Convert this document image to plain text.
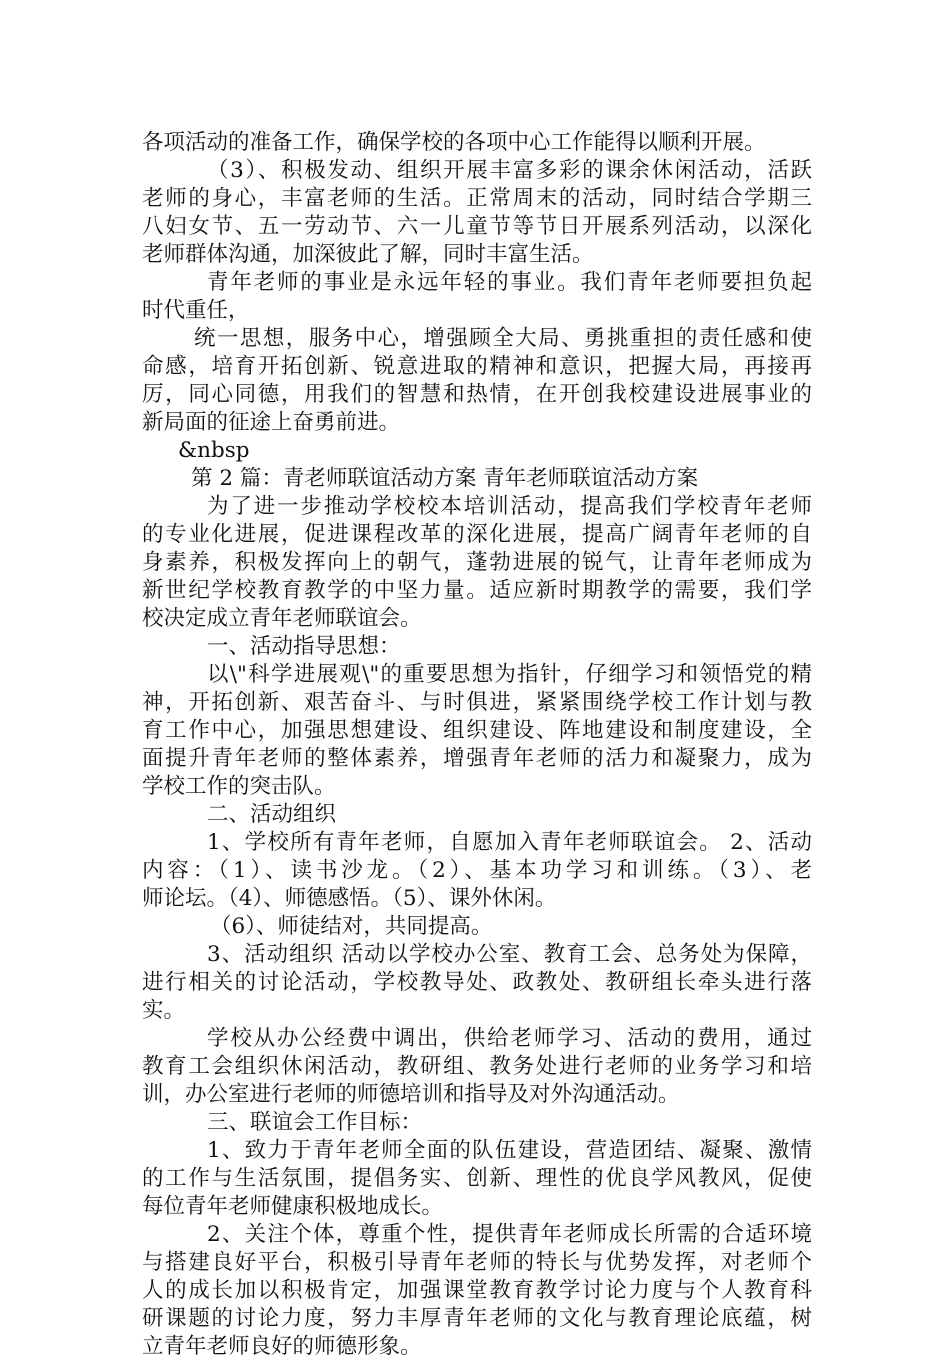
各项活动的准备工作，确保学校的各项中心工作能得以顺利开展。
（3）、积极发动、组织开展丰富多彩的课余休闲活动，活跃
老师的身心，丰富老师的生活。正常周末的活动，同时结合学期三
八妇女节、五一劳动节、六一儿童节等节日开展系列活动，以深化
老师群体沟通，加深彼此了解，同时丰富生活。
青年老师的事业是永远年轻的事业。我们青年老师要担负起
时代重任，
统一思想，服务中心，增强顾全大局、勇挑重担的责任感和使
命感，培育开拓创新、锐意进取的精神和意识，把握大局，再接再
厉，同心同德，用我们的智慧和热情，在开创我校建设进展事业的
新局面的征途上奋勇前进。
&nbsp
第 2 篇：青老师联谊活动方案 青年老师联谊活动方案
为了进一步推动学校校本培训活动，提高我们学校青年老师
的专业化进展，促进课程改革的深化进展，提高广阔青年老师的自
身素养，积极发挥向上的朝气，蓬勃进展的锐气，让青年老师成为
新世纪学校教育教学的中坚力量。适应新时期教学的需要，我们学
校决定成立青年老师联谊会。
一、活动指导思想：
以\"科学进展观\"的重要思想为指针，仔细学习和领悟党的精
神，开拓创新、艰苦奋斗、与时俱进，紧紧围绕学校工作计划与教
育工作中心，加强思想建设、组织建设、阵地建设和制度建设，全
面提升青年老师的整体素养，增强青年老师的活力和凝聚力，成为
学校工作的突击队。
二、活动组织
1、学校所有青年老师，自愿加入青年老师联谊会。 2、活动
内容：（1）、读书沙龙。（2）、基本功学习和训练。（3）、老
师论坛。（4）、师德感悟。（5）、课外休闲。
（6）、师徒结对，共同提高。
3、活动组织 活动以学校办公室、教育工会、总务处为保障，
进行相关的讨论活动，学校教导处、政教处、教研组长牵头进行落
实。
学校从办公经费中调出，供给老师学习、活动的费用，通过
教育工会组织休闲活动，教研组、教务处进行老师的业务学习和培
训，办公室进行老师的师德培训和指导及对外沟通活动。
三、联谊会工作目标：
1、致力于青年老师全面的队伍建设，营造团结、凝聚、激情
的工作与生活氛围，提倡务实、创新、理性的优良学风教风，促使
每位青年老师健康积极地成长。
2、关注个体，尊重个性，提供青年老师成长所需的合适环境
与搭建良好平台，积极引导青年老师的特长与优势发挥，对老师个
人的成长加以积极肯定，加强课堂教育教学讨论力度与个人教育科
研课题的讨论力度，努力丰厚青年老师的文化与教育理论底蕴，树
立青年老师良好的师德形象。
